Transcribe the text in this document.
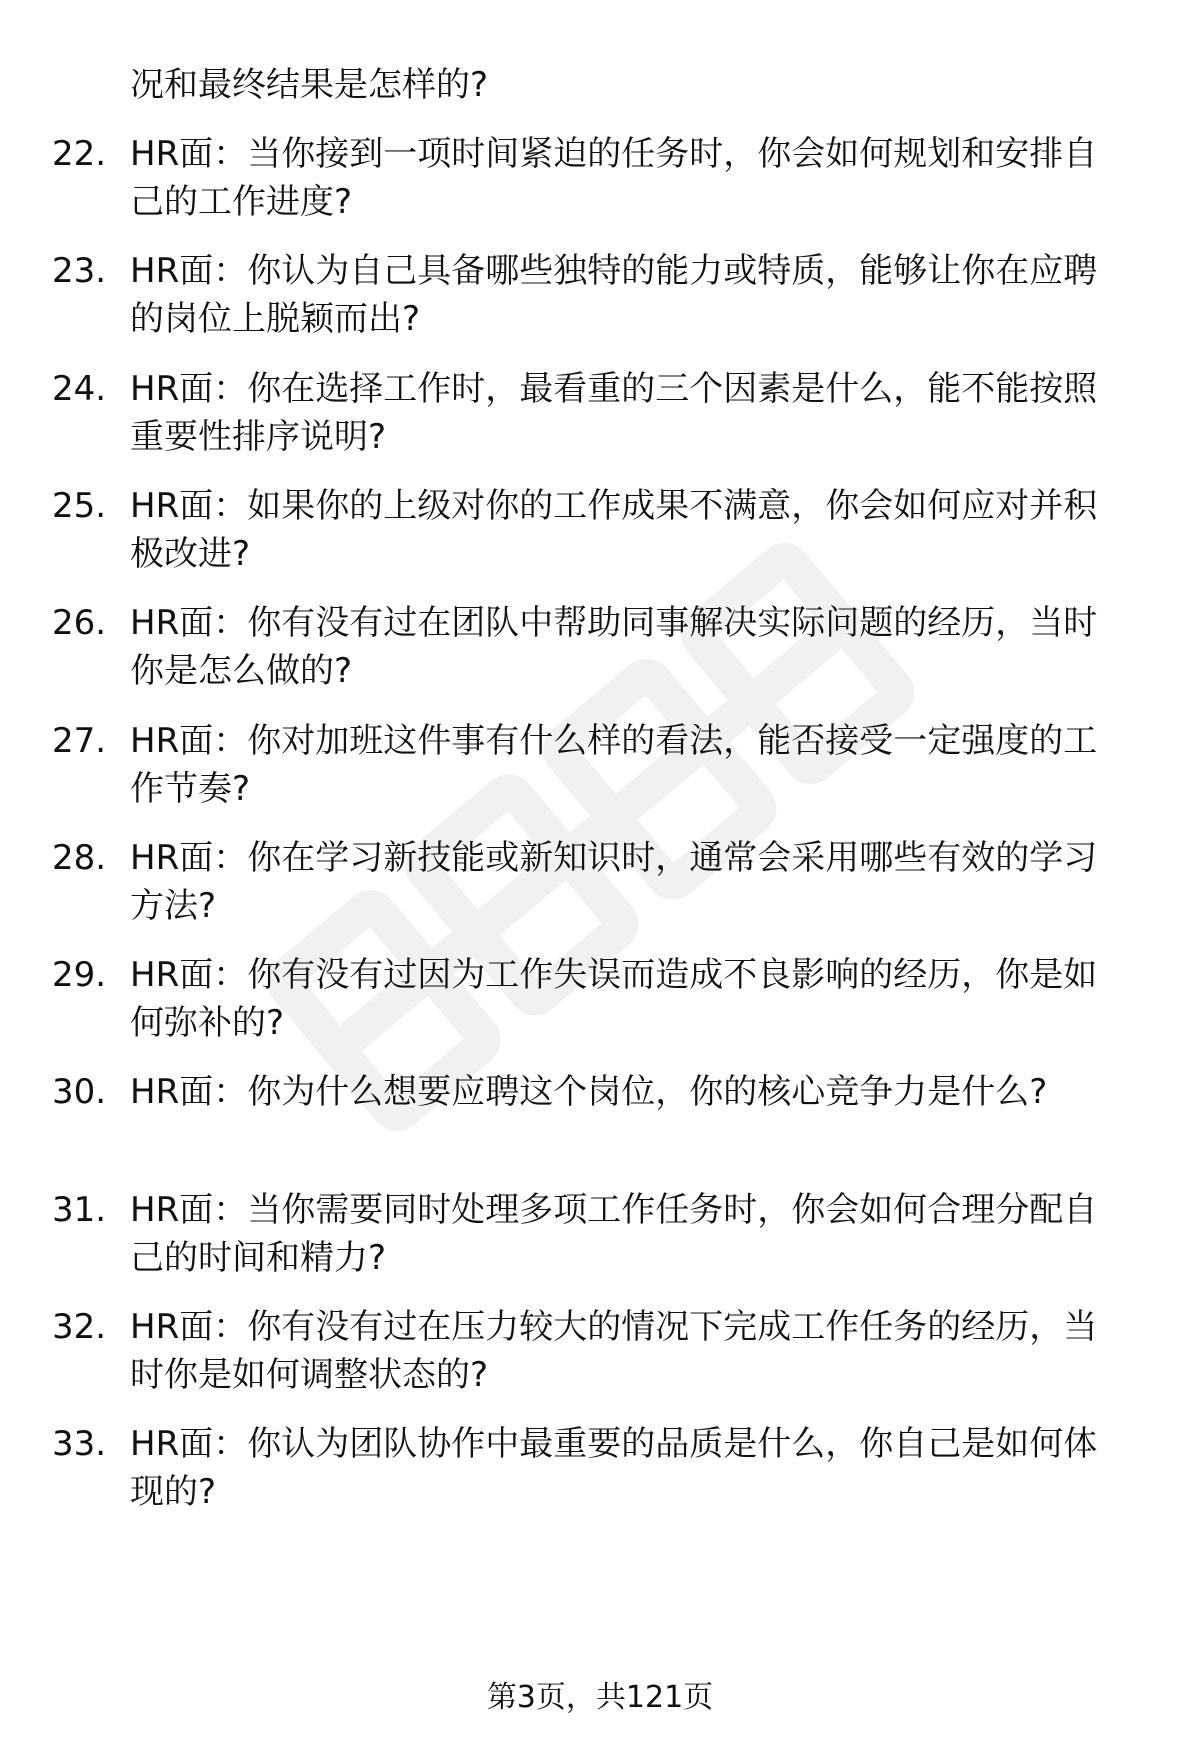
况和最终结果是怎样的?
22. HR面：当你接到一项时间紧迫的任务时，你会如何规划和安排自
己的工作进度?
23. HR面：你认为自己具备哪些独特的能力或特质，能够让你在应聘
的岗位上脱颖而出?
24. HR面：你在选择工作时，最看重的三个因素是什么，能不能按照
重要性排序说明?
25. HR面：如果你的上级对你的工作成果不满意，你会如何应对并积
极改进?
26. HR面：你有没有过在团队中帮助同事解决实际问题的经历，当时
你是怎么做的?
27. HR面：你对加班这件事有什么样的看法，能否接受一定强度的工
作节奏?
28. HR面：你在学习新技能或新知识时，通常会采用哪些有效的学习
方法?
29. HR面：你有没有过因为工作失误而造成不良影响的经历，你是如
何弥补的?
30. HR面：你为什么想要应聘这个岗位，你的核心竞争力是什么?
31. HR面：当你需要同时处理多项工作任务时，你会如何合理分配自
己的时间和精力?
32. HR面：你有没有过在压力较大的情况下完成工作任务的经历，当
时你是如何调整状态的?
33. HR面：你认为团队协作中最重要的品质是什么，你自己是如何体
现的?
第3页，共121页
